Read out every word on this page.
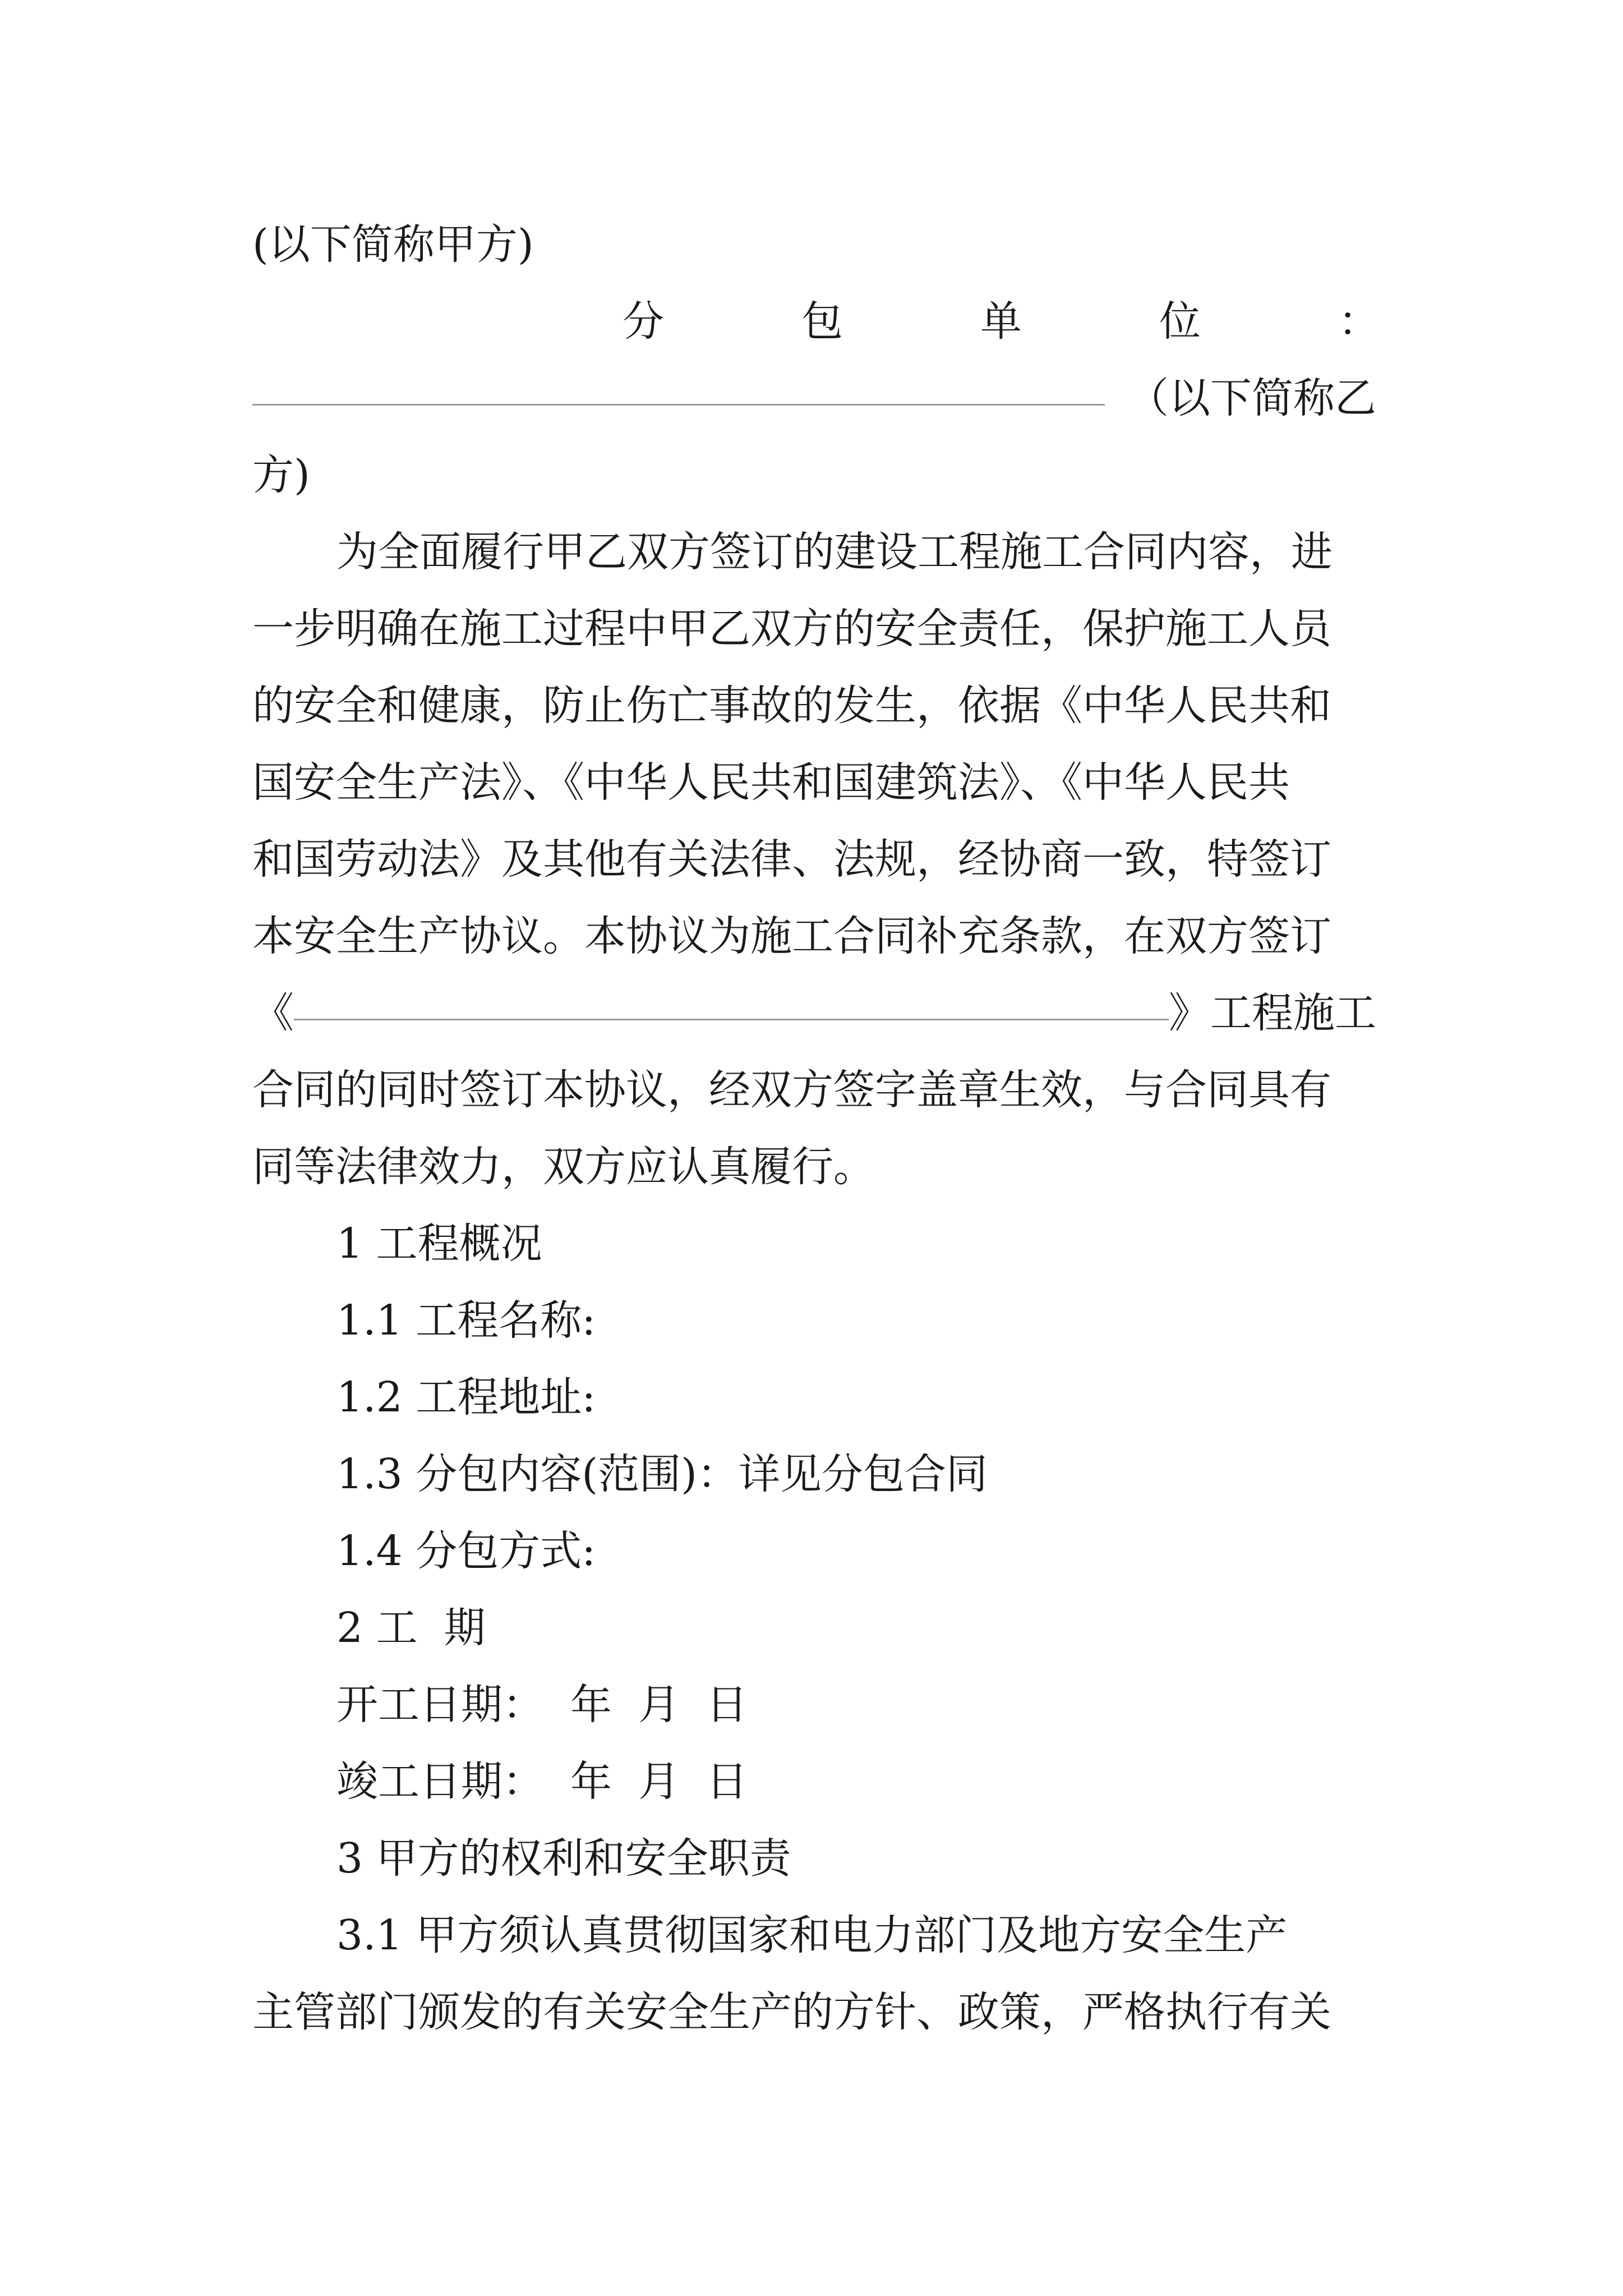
(以下简称甲方)
分	包	单	位	：
（以下简称乙
方)
为全面履行甲乙双方签订的建设工程施工合同内容，进
一步明确在施工过程中甲乙双方的安全责任，保护施工人员
的安全和健康，防止伤亡事故的发生，依据《中华人民共和
国安全生产法》、《中华人民共和国建筑法》、《中华人民共
和国劳动法》及其他有关法律、法规，经协商一致，特签订
本安全生产协议。本协议为施工合同补充条款，在双方签订
《	》工程施工
合同的同时签订本协议，经双方签字盖章生效，与合同具有
同等法律效力，双方应认真履行。
1 工程概况
1.1 工程名称:
1.2 工程地址:
1.3 分包内容(范围)：详见分包合同
1.4 分包方式:
2 工  期
开工日期：  年  月  日
竣工日期：  年  月  日
3 甲方的权利和安全职责
3.1 甲方须认真贯彻国家和电力部门及地方安全生产
主管部门颁发的有关安全生产的方针、政策，严格执行有关
